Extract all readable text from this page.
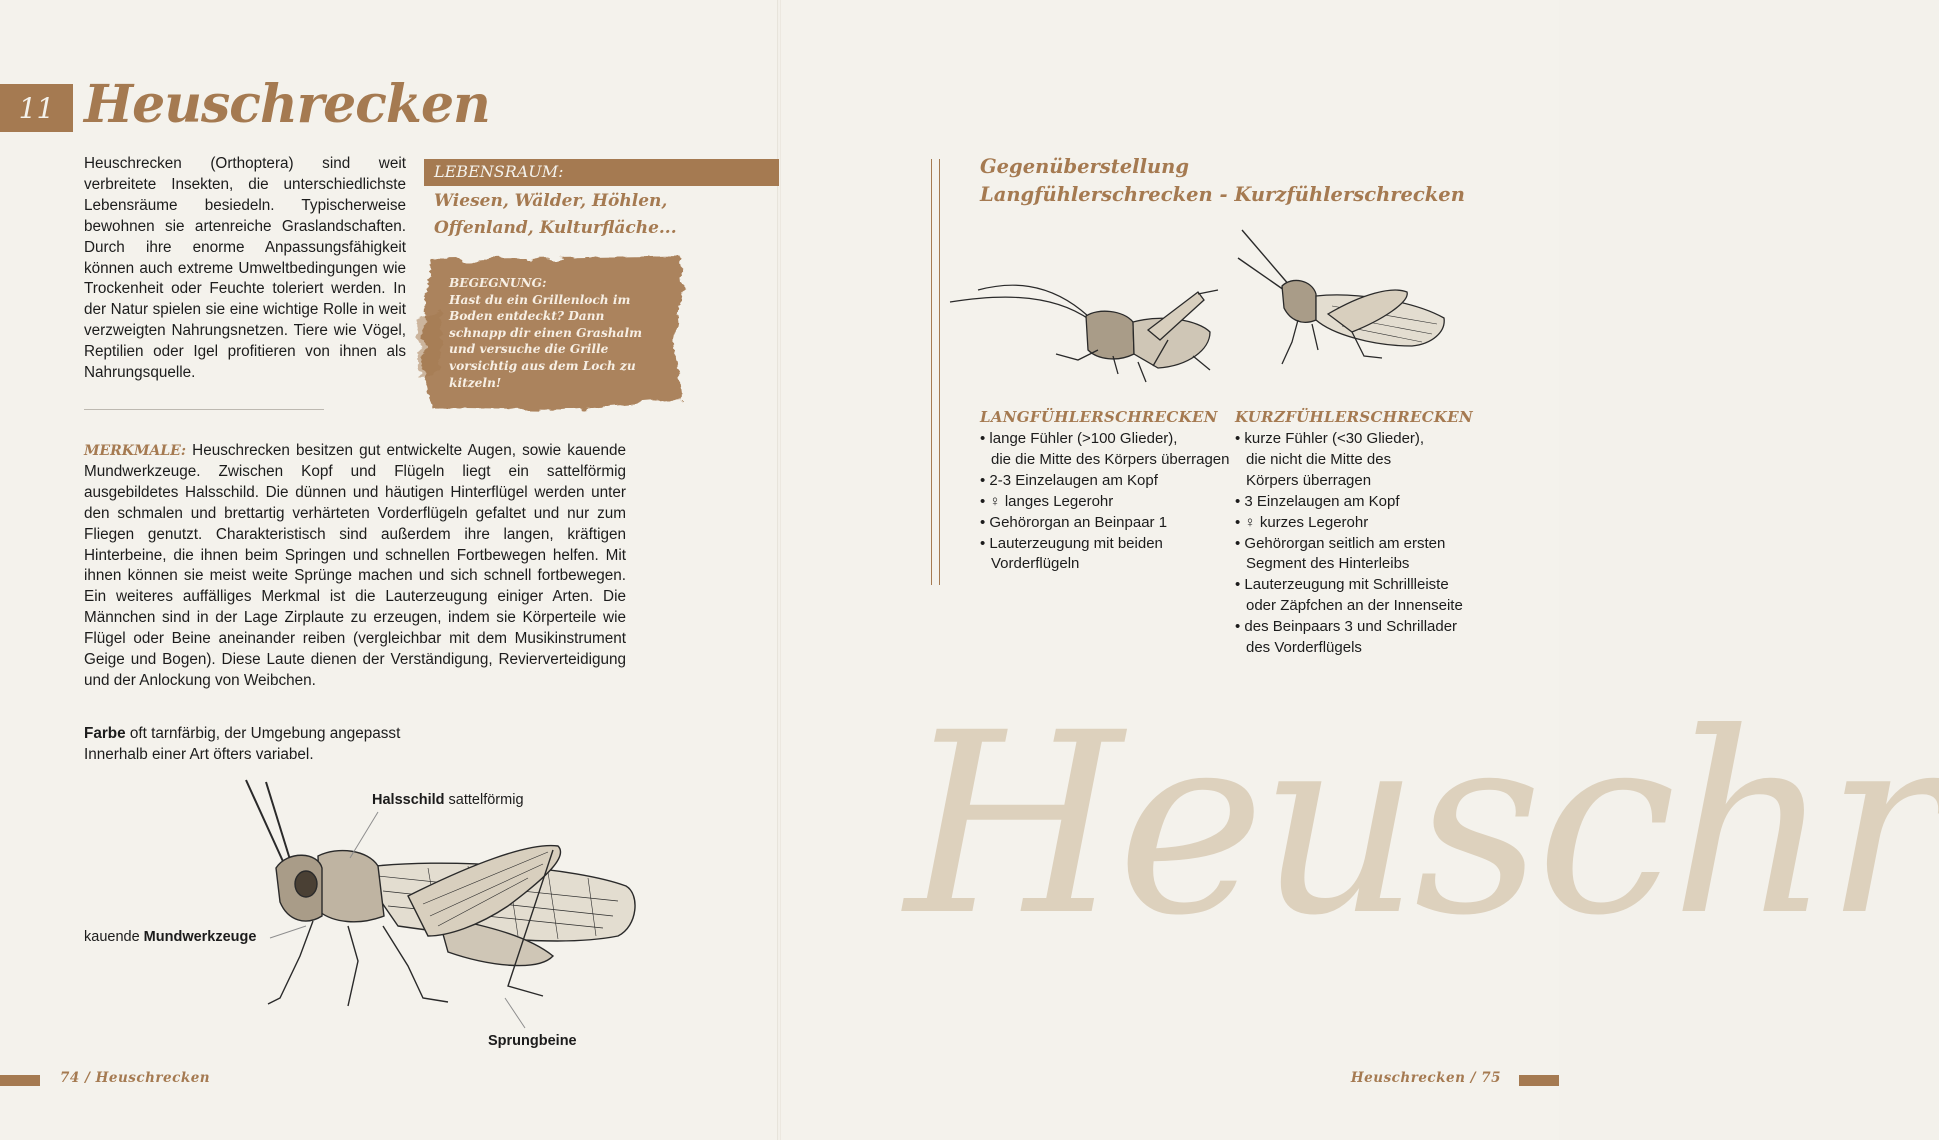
Heuschr
11 Heuschrecken

Heuschrecken (Orthoptera) sind weit verbreitete Insekten, die unterschiedlichste Lebensräume besiedeln. Typischerweise bewohnen sie artenreiche Graslandschaften. Durch ihre enorme Anpassungsfähigkeit können auch extreme Umweltbedingungen wie Trockenheit oder Feuchte toleriert werden. In der Natur spielen sie eine wichtige Rolle in weit verzweigten Nahrungsnetzen. Tiere wie Vögel, Reptilien oder Igel profitieren von ihnen als Nahrungsquelle.

LEBENSRAUM:
Wiesen, Wälder, Höhlen, Offenland, Kulturfläche...
BEGEGNUNG:
Hast du ein Grillenloch im Boden entdeckt? Dann schnapp dir einen Grashalm und versuche die Grille vorsichtig aus dem Loch zu kitzeln!

MERKMALE: Heuschrecken besitzen gut entwickelte Augen, sowie kauende Mundwerkzeuge. Zwischen Kopf und Flügeln liegt ein sattelförmig ausgebildetes Halsschild. Die dünnen und häutigen Hinterflügel werden unter den schmalen und brettartig verhärteten Vorderflügeln gefaltet und nur zum Fliegen genutzt. Charakteristisch sind außerdem ihre langen, kräftigen Hinterbeine, die ihnen beim Springen und schnellen Fortbewegen helfen. Mit ihnen können sie meist weite Sprünge machen und sich schnell fortbewegen. Ein weiteres auffälliges Merkmal ist die Lauterzeugung einiger Arten. Die Männchen sind in der Lage Zirplaute zu erzeugen, indem sie Körperteile wie Flügel oder Beine aneinander reiben (vergleichbar mit dem Musikinstrument Geige und Bogen). Diese Laute dienen der Verständigung, Revierverteidigung und der Anlockung von Weibchen.

Farbe oft tarnfärbig, der Umgebung angepasst
Innerhalb einer Art öfters variabel.
Halsschild sattelförmig
kauende Mundwerkzeuge
Sprungbeine
74 / Heuschrecken
Gegenüberstellung
Langfühlerschrecken - Kurzfühlerschrecken
LANGFÜHLERSCHRECKEN
• lange Fühler (>100 Glieder),
die die Mitte des Körpers überragen
• 2-3 Einzelaugen am Kopf
• ♀ langes Legerohr
• Gehörorgan an Beinpaar 1
• Lauterzeugung mit beiden
Vorderflügeln
KURZFÜHLERSCHRECKEN
• kurze Fühler (<30 Glieder),
die nicht die Mitte des
Körpers überragen
• 3 Einzelaugen am Kopf
• ♀ kurzes Legerohr
• Gehörorgan seitlich am ersten
Segment des Hinterleibs
• Lauterzeugung mit Schrillleiste
oder Zäpfchen an der Innenseite
• des Beinpaars 3 und Schrillader
des Vorderflügels
Heuschrecken / 75
